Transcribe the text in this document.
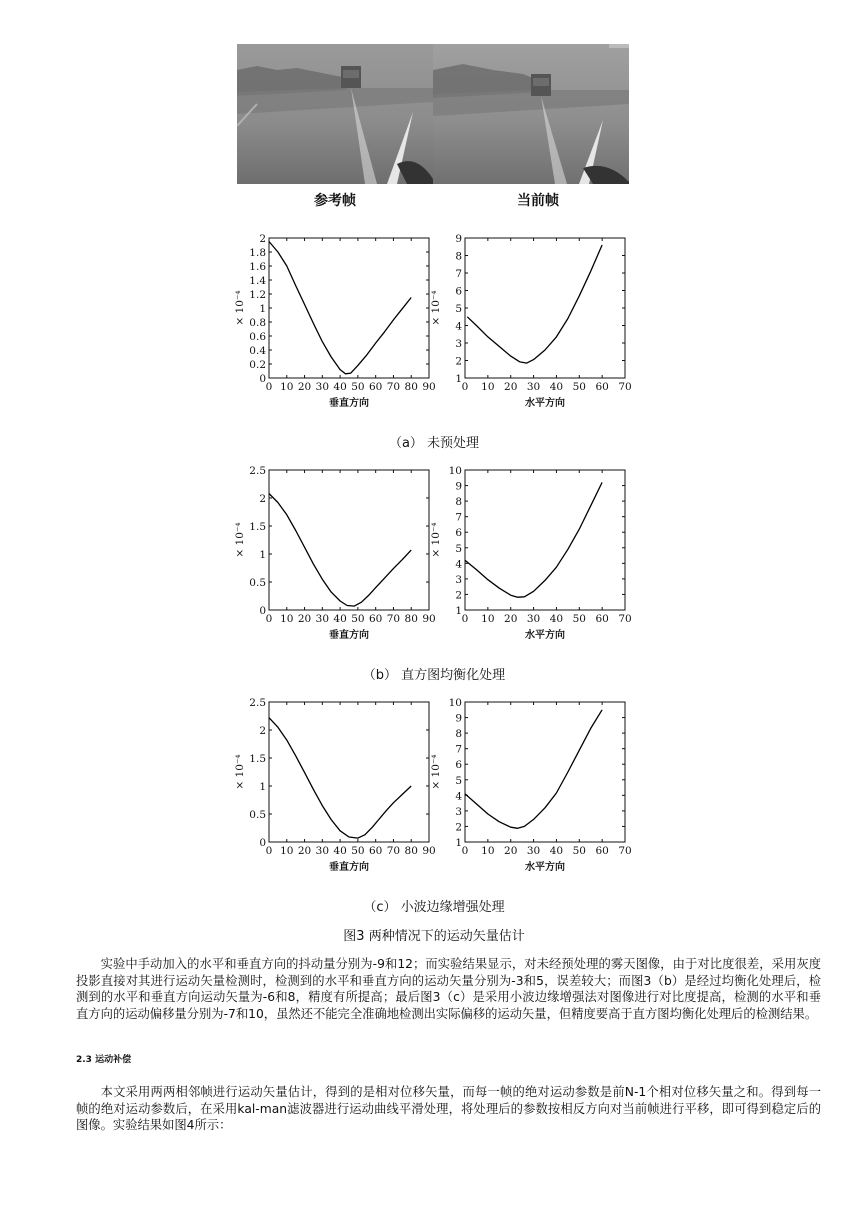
参考帧	当前帧
0 10 20 30 40 50 60 70 80 90
0
0.2
0.4
0.6
0.8
1
1.2
1.4
1.6
1.8
2
垂直方向
× 10⁻⁴
0 10 20 30 40 50 60 70
1
2
3
4
5
6
7
8
9
水平方向
× 10⁻⁴
（a） 未预处理
0 10 20 30 40 50 60 70 80 90
0
0.5
1
1.5
2
2.5
垂直方向
× 10⁻⁴
0 10 20 30 40 50 60 70
1
2
3
4
5
6
7
8
9
10
水平方向
× 10⁻⁴
（b） 直方图均衡化处理
0 10 20 30 40 50 60 70 80 90
0
0.5
1
1.5
2
2.5
垂直方向
× 10⁻⁴
0 10 20 30 40 50 60 70
1
2
3
4
5
6
7
8
9
10
水平方向
× 10⁻⁴
（c） 小波边缘增强处理
图3 两种情况下的运动矢量估计
实验中手动加入的水平和垂直方向的抖动量分别为-9和12；而实验结果显示，对未经预处理的雾天图像，由于对比度很差，采用灰度投影直接对其进行运动矢量检测时，检测到的水平和垂直方向的运动矢量分别为-3和5，误差较大；而图3（b）是经过均衡化处理后，检测到的水平和垂直方向运动矢量为-6和8，精度有所提高；最后图3（c）是采用小波边缘增强法对图像进行对比度提高，检测的水平和垂直方向的运动偏移量分别为-7和10，虽然还不能完全准确地检测出实际偏移的运动矢量，但精度要高于直方图均衡化处理后的检测结果。
2.3 运动补偿
本文采用两两相邻帧进行运动矢量估计，得到的是相对位移矢量，而每一帧的绝对运动参数是前N-1个相对位移矢量之和。得到每一帧的绝对运动参数后，在采用kal-man滤波器进行运动曲线平滑处理，将处理后的参数按相反方向对当前帧进行平移，即可得到稳定后的图像。实验结果如图4所示：
